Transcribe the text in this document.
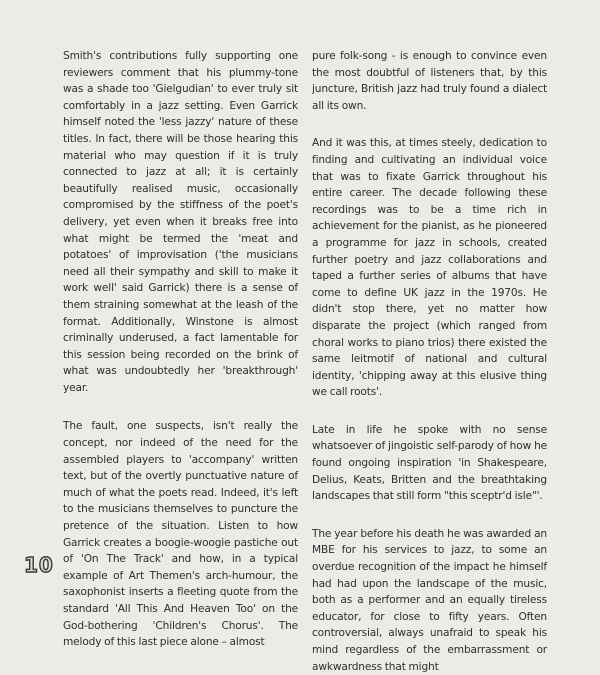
Smith's contributions fully supporting one reviewers comment that his plummy-tone was a shade too 'Gielgudian' to ever truly sit comfortably in a jazz setting. Even Garrick himself noted the 'less jazzy' nature of these titles. In fact, there will be those hearing this material who may question if it is truly connected to jazz at all; it is certainly beautifully realised music, occasionally compromised by the stiffness of the poet's delivery, yet even when it breaks free into what might be termed the 'meat and potatoes' of improvisation ('the musicians need all their sympathy and skill to make it work well' said Garrick) there is a sense of them straining somewhat at the leash of the format. Additionally, Winstone is almost criminally underused, a fact lamentable for this session being recorded on the brink of what was undoubtedly her 'breakthrough' year.

The fault, one suspects, isn't really the concept, nor indeed of the need for the assembled players to 'accompany' written text, but of the overtly punctuative nature of much of what the poets read. Indeed, it's left to the musicians themselves to puncture the pretence of the situation. Listen to how Garrick creates a boogie-woogie pastiche out of 'On The Track' and how, in a typical example of Art Themen's arch-humour, the saxophonist inserts a fleeting quote from the standard 'All This And Heaven Too' on the God-bothering 'Children's Chorus'. The melody of this last piece alone – almost

pure folk-song - is enough to convince even the most doubtful of listeners that, by this juncture, British jazz had truly found a dialect all its own.

And it was this, at times steely, dedication to finding and cultivating an individual voice that was to fixate Garrick throughout his entire career. The decade following these recordings was to be a time rich in achievement for the pianist, as he pioneered a programme for jazz in schools, created further poetry and jazz collaborations and taped a further series of albums that have come to define UK jazz in the 1970s. He didn't stop there, yet no matter how disparate the project (which ranged from choral works to piano trios) there existed the same leitmotif of national and cultural identity, 'chipping away at this elusive thing we call roots'.

Late in life he spoke with no sense whatsoever of jingoistic self-parody of how he found ongoing inspiration 'in Shakespeare, Delius, Keats, Britten and the breathtaking landscapes that still form "this sceptr'd isle"'.

The year before his death he was awarded an MBE for his services to jazz, to some an overdue recognition of the impact he himself had had upon the landscape of the music, both as a performer and an equally tireless educator, for close to fifty years. Often controversial, always unafraid to speak his mind regardless of the embarrassment or awkwardness that might

10
